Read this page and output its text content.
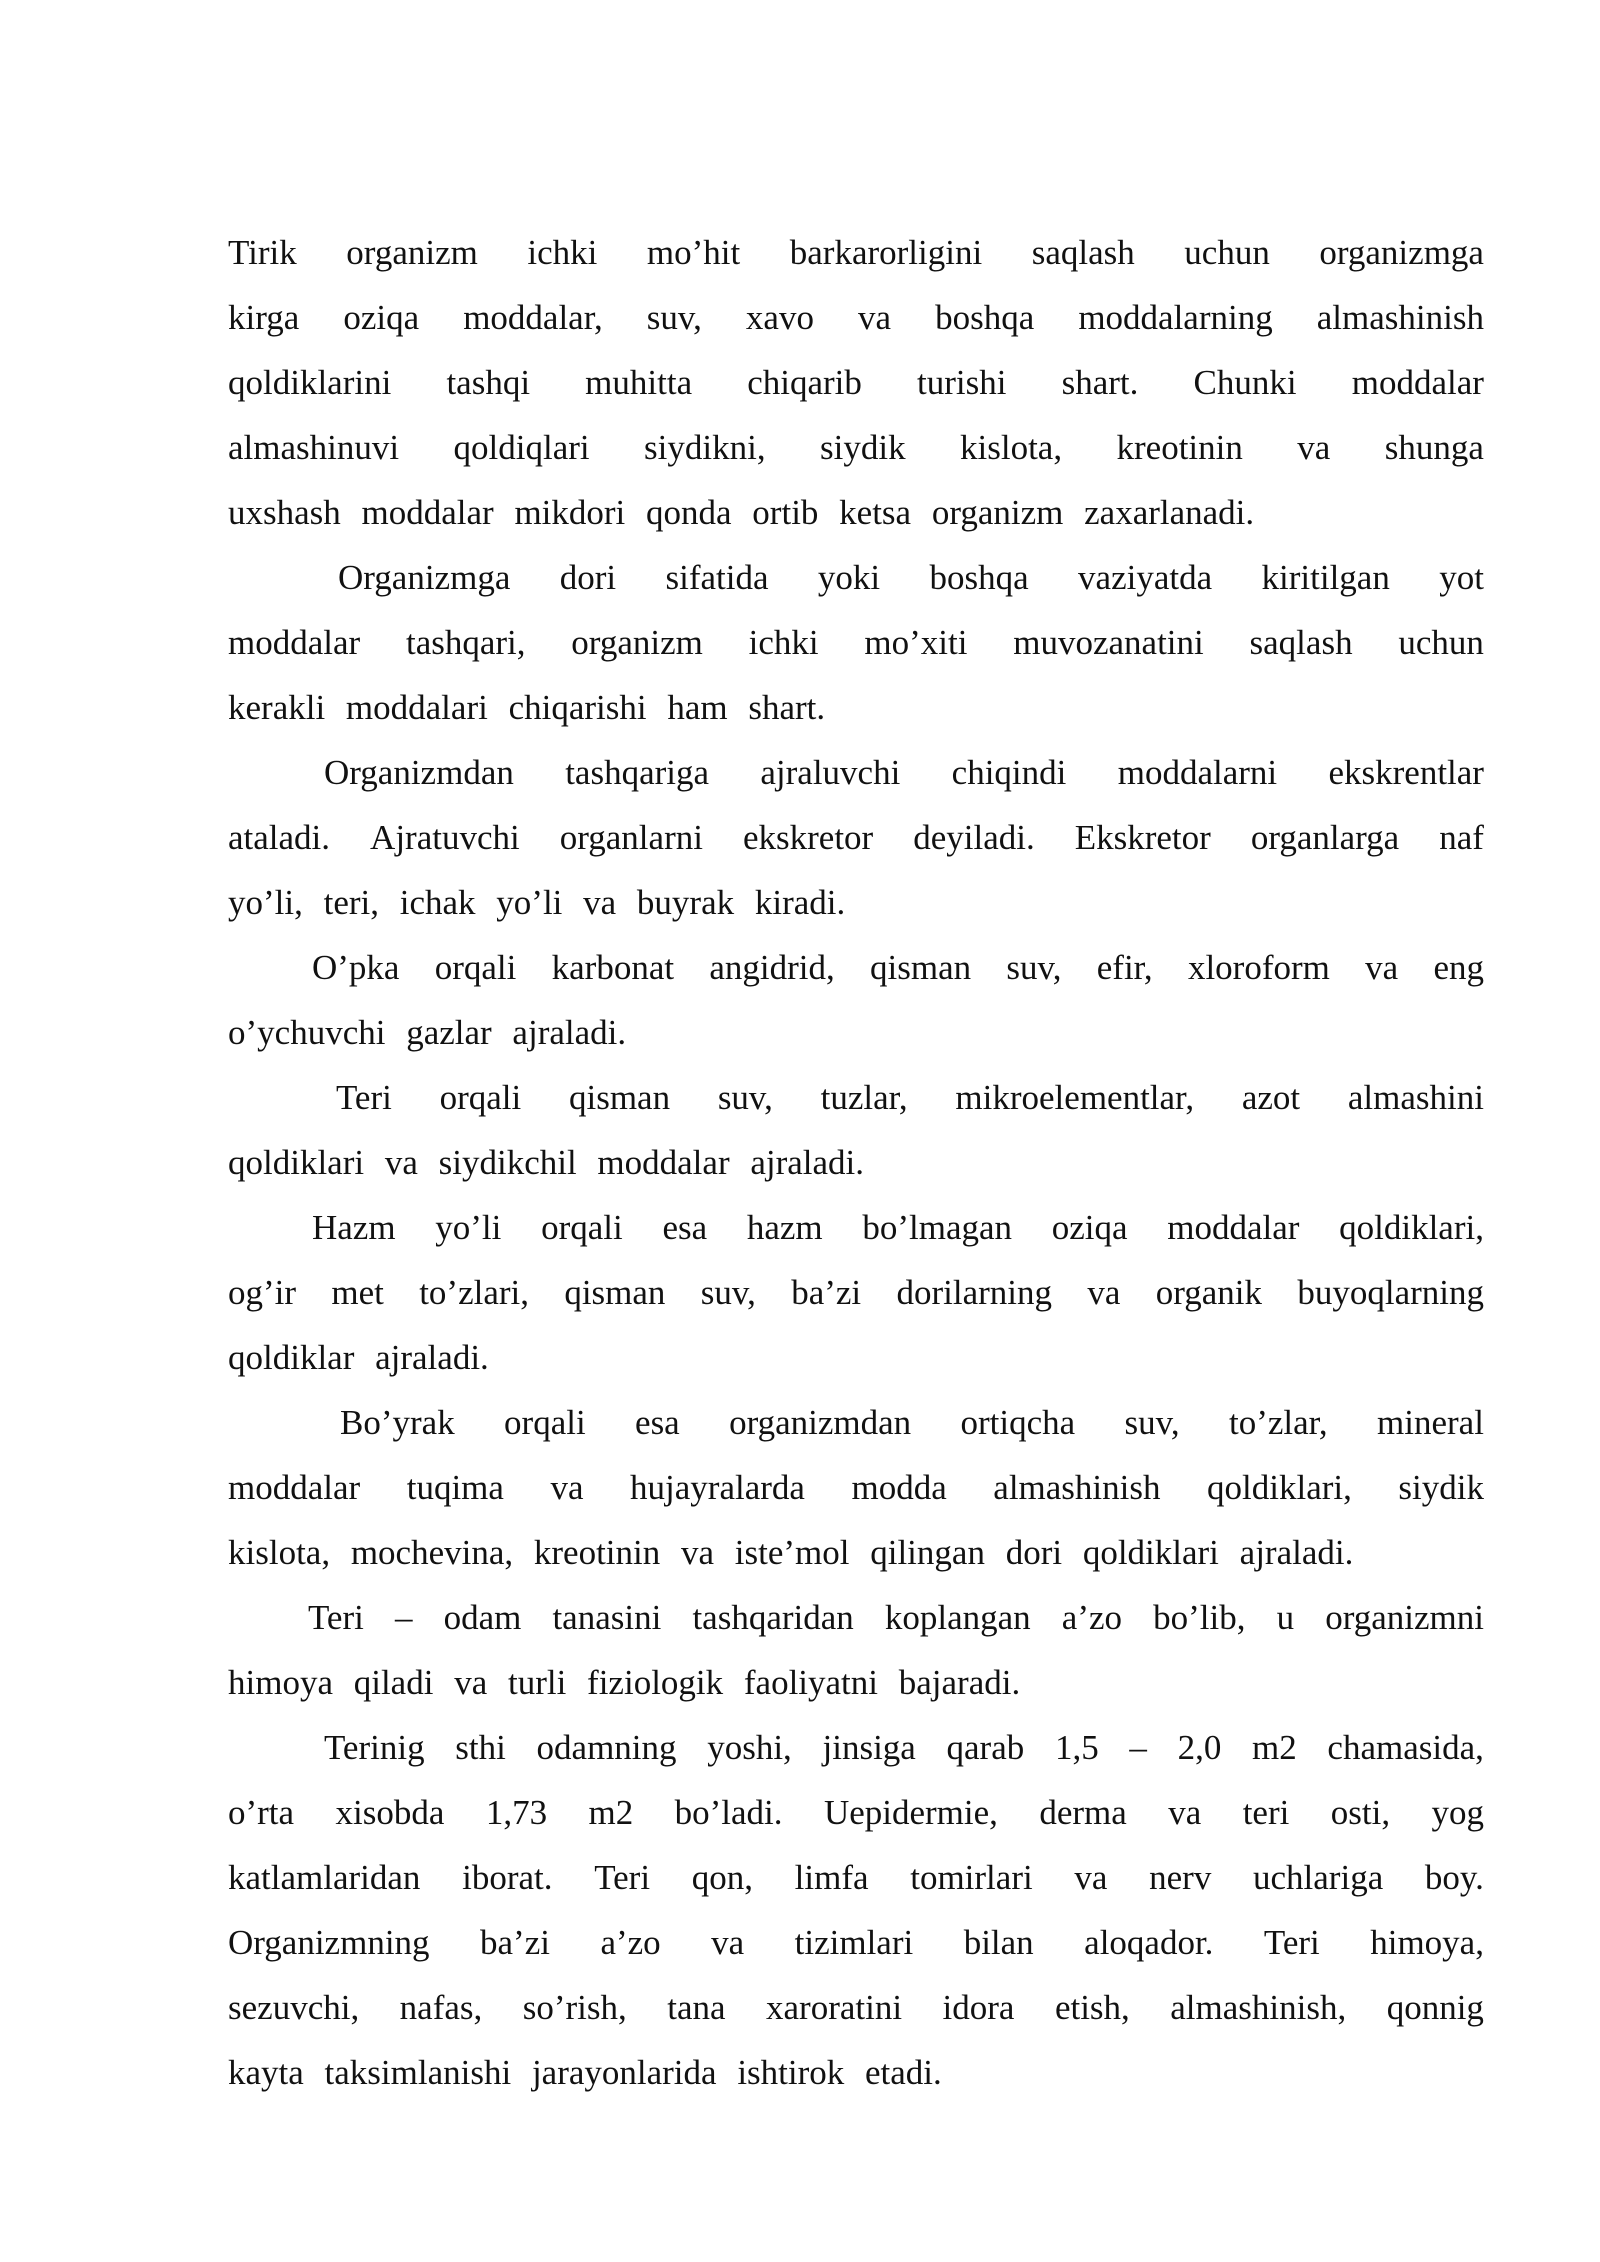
Tirik organizm ichki mo’hit barkarorligini saqlash uchun organizmga
kirga oziqa moddalar, suv, xavo va boshqa moddalarning almashinish
qoldiklarini tashqi muhitta chiqarib turishi shart. Chunki moddalar
almashinuvi qoldiqlari siydikni, siydik kislota, kreotinin va shunga
uxshash moddalar mikdori qonda ortib ketsa organizm zaxarlanadi.
Organizmga dori sifatida yoki boshqa vaziyatda kiritilgan yot
moddalar tashqari, organizm ichki mo’xiti muvozanatini saqlash uchun
kerakli moddalari chiqarishi ham shart.
Organizmdan tashqariga ajraluvchi chiqindi moddalarni ekskrentlar
ataladi. Ajratuvchi organlarni ekskretor deyiladi. Ekskretor organlarga naf
yo’li, teri, ichak yo’li va buyrak kiradi.
O’pka orqali karbonat angidrid, qisman suv, efir, xloroform va eng
o’ychuvchi gazlar ajraladi.
Teri orqali qisman suv, tuzlar, mikroelementlar, azot almashini
qoldiklari va siydikchil moddalar ajraladi.
Hazm yo’li orqali esa hazm bo’lmagan oziqa moddalar qoldiklari,
og’ir met to’zlari, qisman suv, ba’zi dorilarning va organik buyoqlarning
qoldiklar ajraladi.
Bo’yrak orqali esa organizmdan ortiqcha suv, to’zlar, mineral
moddalar tuqima va hujayralarda modda almashinish qoldiklari, siydik
kislota, mochevina, kreotinin va iste’mol qilingan dori qoldiklari ajraladi.
Teri – odam tanasini tashqaridan koplangan a’zo bo’lib, u organizmni
himoya qiladi va turli fiziologik faoliyatni bajaradi.
Terinig sthi odamning yoshi, jinsiga qarab 1,5 – 2,0 m2 chamasida,
o’rta xisobda 1,73 m2 bo’ladi. Uepidermie, derma va teri osti, yog
katlamlaridan iborat. Teri qon, limfa tomirlari va nerv uchlariga boy.
Organizmning ba’zi a’zo va tizimlari bilan aloqador. Teri himoya,
sezuvchi, nafas, so’rish, tana xaroratini idora etish, almashinish, qonnig
kayta taksimlanishi jarayonlarida ishtirok etadi.
